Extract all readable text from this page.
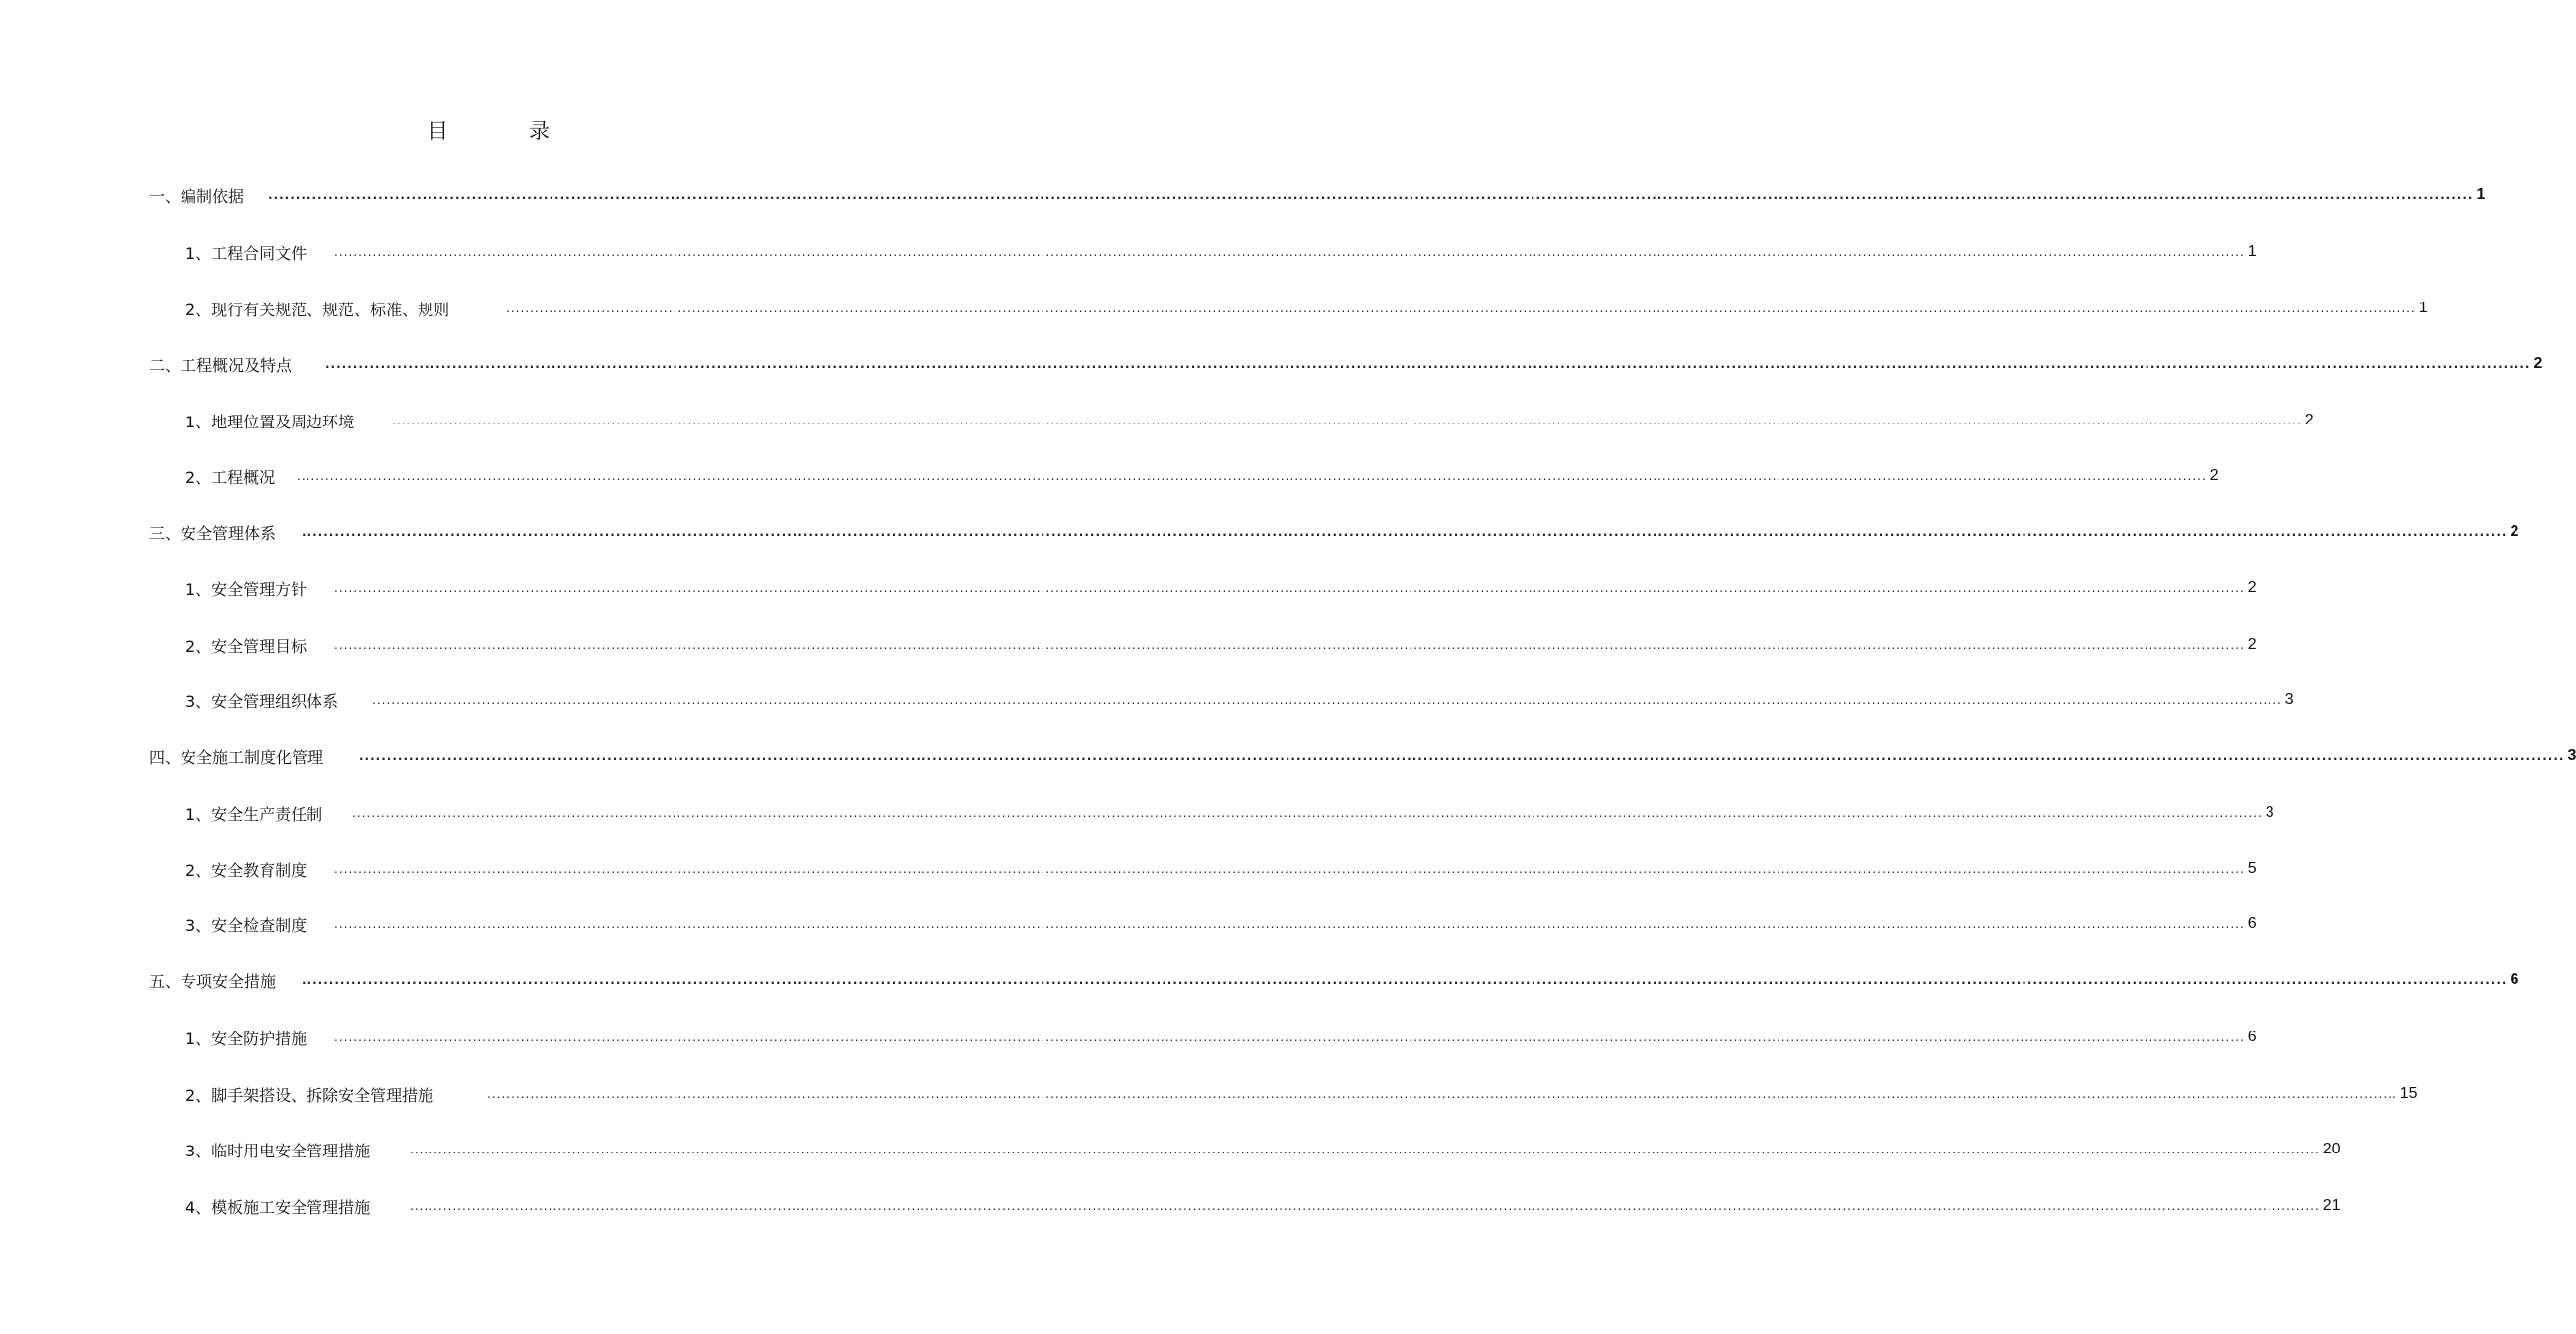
目	录
一、编制依据	................................................................................................................................................................................................................................................................................................................................................................................................................ 1
1、工程合同文件	................................................................................................................................................................................................................................................................................................................................................................................................................ 1
2、现行有关规范、规范、标准、规则	................................................................................................................................................................................................................................................................................................................................................................................................................ 1
二、工程概况及特点	................................................................................................................................................................................................................................................................................................................................................................................................................ 2
1、地理位置及周边环境	................................................................................................................................................................................................................................................................................................................................................................................................................ 2
2、工程概况	................................................................................................................................................................................................................................................................................................................................................................................................................ 2
三、安全管理体系	................................................................................................................................................................................................................................................................................................................................................................................................................ 2
1、安全管理方针	................................................................................................................................................................................................................................................................................................................................................................................................................ 2
2、安全管理目标	................................................................................................................................................................................................................................................................................................................................................................................................................ 2
3、安全管理组织体系	................................................................................................................................................................................................................................................................................................................................................................................................................ 3
四、安全施工制度化管理	................................................................................................................................................................................................................................................................................................................................................................................................................ 3
1、安全生产责任制	................................................................................................................................................................................................................................................................................................................................................................................................................ 3
2、安全教育制度	................................................................................................................................................................................................................................................................................................................................................................................................................ 5
3、安全检查制度	................................................................................................................................................................................................................................................................................................................................................................................................................ 6
五、专项安全措施	................................................................................................................................................................................................................................................................................................................................................................................................................ 6
1、安全防护措施	................................................................................................................................................................................................................................................................................................................................................................................................................ 6
2、脚手架搭设、拆除安全管理措施	................................................................................................................................................................................................................................................................................................................................................................................................................ 15
3、临时用电安全管理措施	................................................................................................................................................................................................................................................................................................................................................................................................................ 20
4、模板施工安全管理措施	................................................................................................................................................................................................................................................................................................................................................................................................................ 21
